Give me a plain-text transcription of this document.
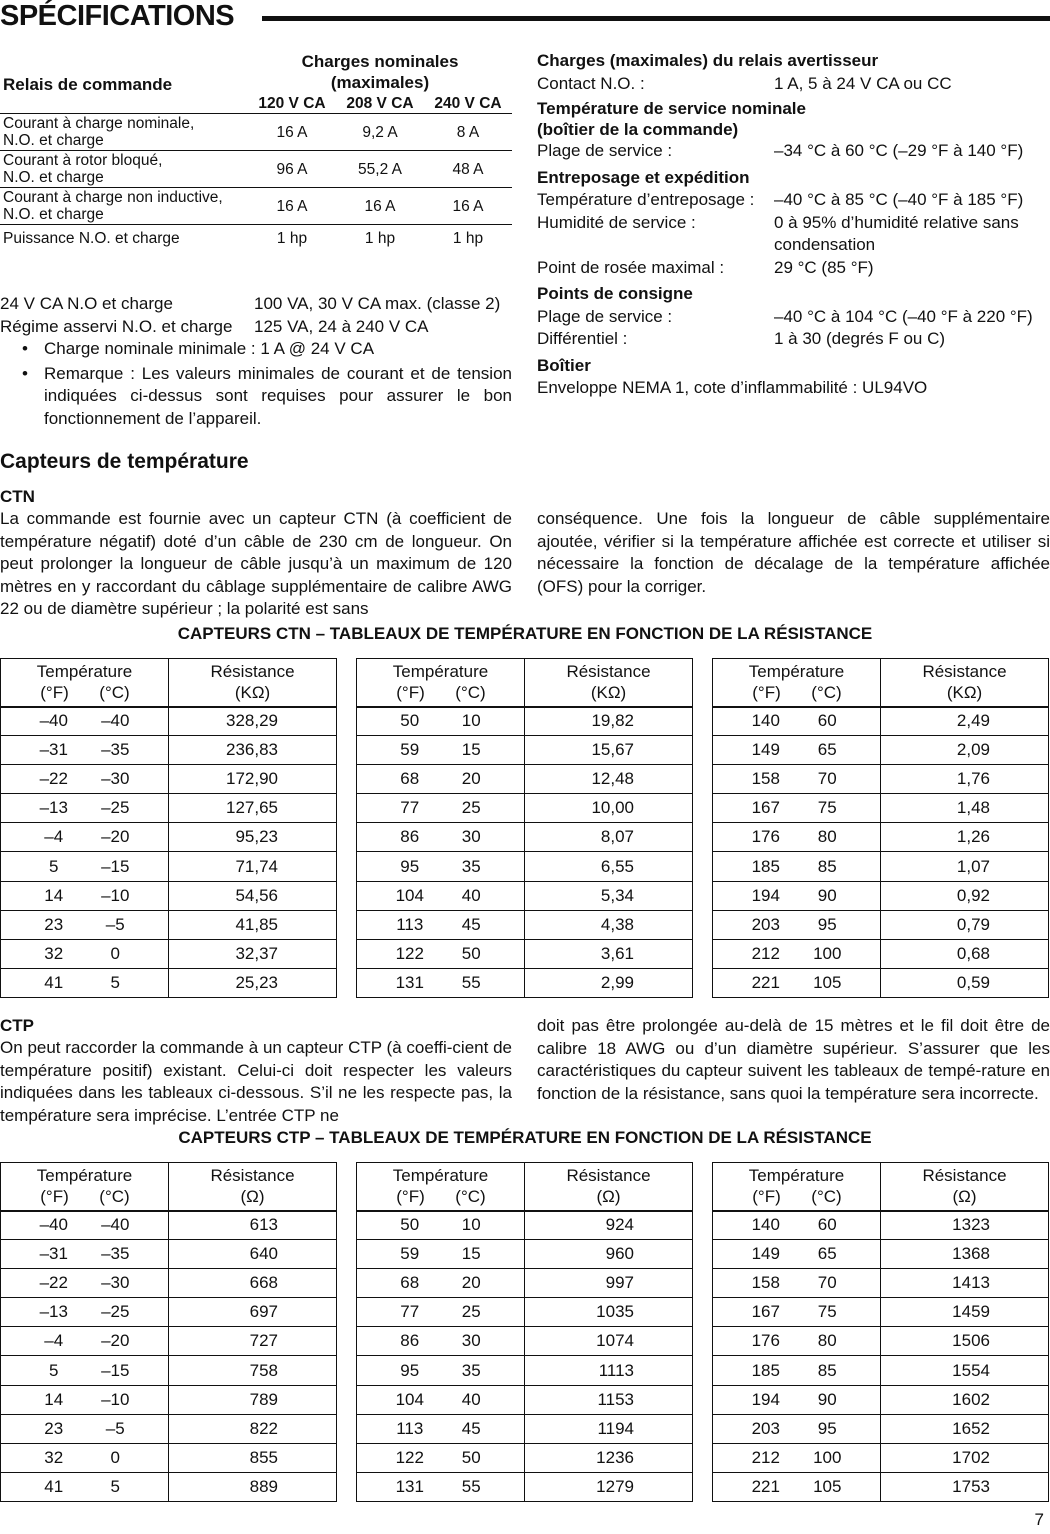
SPÉCIFICATIONS
Relais de commande	Charges nominales
(maximales)		
	120 V CA	208 V CA	240 V CA
Courant à charge nominale,
N.O. et charge	16 A	9,2 A	8 A
Courant à rotor bloqué,
N.O. et charge	96 A	55,2 A	48 A
Courant à charge non inductive,
N.O. et charge	16 A	16 A	16 A
Puissance N.O. et charge	1 hp	1 hp	1 hp
24 V CA N.O et charge	100 VA, 30 V CA max. (classe 2)
Régime asservi N.O. et charge	125 VA, 24 à 240 V CA
• Charge nominale minimale : 1 A @ 24 V CA
• Remarque : Les valeurs minimales de courant et de tension indiquées ci-dessus sont requises pour assurer le bon fonctionnement de l’appareil.
Charges (maximales) du relais avertisseur
Contact N.O. :	1 A, 5 à 24 V CA ou CC
Température de service nominale
(boîtier de la commande)
Plage de service :	–34 °C à 60 °C (–29 °F à 140 °F)
Entreposage et expédition
Température d’entreposage :	–40 °C à 85 °C (–40 °F à 185 °F)
Humidité de service :	0 à 95% d’humidité relative sans condensation
Point de rosée maximal :	29 °C (85 °F)
Points de consigne
Plage de service :	–40 °C à 104 °C (–40 °F à 220 °F)
Différentiel :	1 à 30 (degrés F ou C)
Boîtier
Enveloppe NEMA 1, cote d’inflammabilité : UL94VO
Capteurs de température
CTN
La commande est fournie avec un capteur CTN (à coefficient de température négatif) doté d’un câble de 230 cm de longueur. On peut prolonger la longueur de câble jusqu’à un maximum de 120 mètres en y raccordant du câblage supplémentaire de calibre AWG 22 ou de diamètre supérieur ; la polarité est sans
conséquence. Une fois la longueur de câble supplémentaire ajoutée, vérifier si la température affichée est correcte et utiliser si nécessaire la fonction de décalage de la température affichée (OFS) pour la corriger.
CAPTEURS CTN – TABLEAUX DE TEMPÉRATURE EN FONCTION DE LA RÉSISTANCE
Température
(°F) (°C)		Résistance
(KΩ)
–40	–40	328,29
–31	–35	236,83
–22	–30	172,90
–13	–25	127,65
–4	–20	95,23
5	–15	71,74
14	–10	54,56
23	–5	41,85
32	0	32,37
41	5	25,23
Température
(°F) (°C)		Résistance
(KΩ)
50	10	19,82
59	15	15,67
68	20	12,48
77	25	10,00
86	30	8,07
95	35	6,55
104	40	5,34
113	45	4,38
122	50	3,61
131	55	2,99
Température
(°F) (°C)		Résistance
(KΩ)
140	60	2,49
149	65	2,09
158	70	1,76
167	75	1,48
176	80	1,26
185	85	1,07
194	90	0,92
203	95	0,79
212	100	0,68
221	105	0,59
CTP
On peut raccorder la commande à un capteur CTP (à coeffi-cient de température positif) existant. Celui-ci doit respecter les valeurs indiquées dans les tableaux ci-dessous. S’il ne les respecte pas, la température sera imprécise. L’entrée CTP ne
doit pas être prolongée au-delà de 15 mètres et le fil doit être de calibre 18 AWG ou d’un diamètre supérieur. S’assurer que les caractéristiques du capteur suivent les tableaux de tempé-rature en fonction de la résistance, sans quoi la température sera incorrecte.
CAPTEURS CTP – TABLEAUX DE TEMPÉRATURE EN FONCTION DE LA RÉSISTANCE
Température
(°F) (°C)		Résistance
(Ω)
–40	–40	613
–31	–35	640
–22	–30	668
–13	–25	697
–4	–20	727
5	–15	758
14	–10	789
23	–5	822
32	0	855
41	5	889
Température
(°F) (°C)		Résistance
(Ω)
50	10	924
59	15	960
68	20	997
77	25	1035
86	30	1074
95	35	1113
104	40	1153
113	45	1194
122	50	1236
131	55	1279
Température
(°F) (°C)		Résistance
(Ω)
140	60	1323
149	65	1368
158	70	1413
167	75	1459
176	80	1506
185	85	1554
194	90	1602
203	95	1652
212	100	1702
221	105	1753
7
